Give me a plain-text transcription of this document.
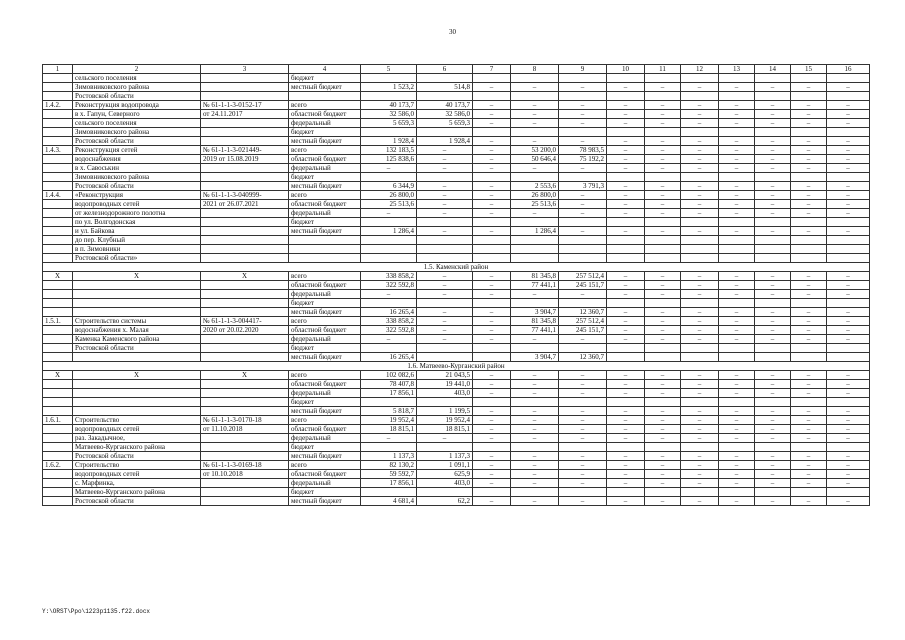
30
1	2	3	4	5	6	7	8	9	10	11	12	13	14	15	16
	сельского поселения		бюджет												
	Зимовниковского района		местный бюджет	1 523,2	514,8	–	–	–	–	–	–	–	–	–	–
	Ростовской области														
1.4.2.	Реконструкция водопровода	№ 61-1-1-3-0152-17	всего	40 173,7	40 173,7	–	–	–	–	–	–	–	–	–	–
	в х. Гапун, Северного	от 24.11.2017	областной бюджет	32 586,0	32 586,0	–	–	–	–	–	–	–	–	–	–
	сельского поселения		федеральный	5 659,3	5 659,3	–	–	–	–	–	–	–	–	–	–
	Зимовниковского района		бюджет												
	Ростовской области		местный бюджет	1 928,4	1 928,4	–	–	–	–	–	–	–	–	–	–
1.4.3.	Реконструкция сетей	№ 61-1-1-3-021449-	всего	132 183,5	–	–	53 200,0	78 983,5	–	–	–	–	–	–	–
	водоснабжения	2019 от 15.08.2019	областной бюджет	125 838,6	–	–	50 646,4	75 192,2	–	–	–	–	–	–	–
	в х. Савоськин		федеральный	–	–	–	–	–	–	–	–	–	–	–	–
	Зимовниковского района		бюджет												
	Ростовской области		местный бюджет	6 344,9	–	–	2 553,6	3 791,3	–	–	–	–	–	–	–
1.4.4.	«Реконструкция	№ 61-1-1-3-040999-	всего	26 800,0	–	–	26 800,0	–	–	–	–	–	–	–	–
	водопроводных сетей	2021 от 26.07.2021	областной бюджет	25 513,6	–	–	25 513,6	–	–	–	–	–	–	–	–
	от железнодорожного полотна		федеральный	–	–	–	–	–	–	–	–	–	–	–	–
	по ул. Волгодонская		бюджет												
	и ул. Байкова		местный бюджет	1 286,4	–	–	1 286,4	–	–	–	–	–	–	–	–
	до пер. Клубный														
	в п. Зимовники														
	Ростовской области»														
1.5. Каменский район															
Х	Х	Х	всего	338 858,2	–	–	81 345,8	257 512,4	–	–	–	–	–	–	–
			областной бюджет	322 592,8	–	–	77 441,1	245 151,7	–	–	–	–	–	–	–
			федеральный	–	–	–	–	–	–	–	–	–	–	–	–
			бюджет												
			местный бюджет	16 265,4	–	–	3 904,7	12 360,7	–	–	–	–	–	–	–
1.5.1.	Строительство системы	№ 61-1-1-3-004417-	всего	338 858,2	–	–	81 345,8	257 512,4	–	–	–	–	–	–	–
	водоснабжения х. Малая	2020 от 20.02.2020	областной бюджет	322 592,8	–	–	77 441,1	245 151,7	–	–	–	–	–	–	–
	Каменка Каменского района		федеральный	–	–	–	–	–	–	–	–	–	–	–	–
	Ростовской области		бюджет												
			местный бюджет	16 265,4			3 904,7	12 360,7							
1.6. Матвеево-Курганский район															
Х	Х	Х	всего	102 082,6	21 043,5	–	–	–	–	–	–	–	–	–	–
			областной бюджет	78 407,8	19 441,0	–	–	–	–	–	–	–	–	–	–
			федеральный	17 856,1	403,0	–	–	–	–	–	–	–	–	–	–
			бюджет												
			местный бюджет	5 818,7	1 199,5	–	–	–	–	–	–	–	–	–	–
1.6.1.	Строительство	№ 61-1-1-3-0170-18	всего	19 952,4	19 952,4	–	–	–	–	–	–	–	–	–	–
	водопроводных сетей	от 11.10.2018	областной бюджет	18 815,1	18 815,1	–	–	–	–	–	–	–	–	–	–
	раз. Закадычное,		федеральный	–	–	–	–	–	–	–	–	–	–	–	–
	Матвеево-Курганского района		бюджет												
	Ростовской области		местный бюджет	1 137,3	1 137,3	–	–	–	–	–	–	–	–	–	–
1.6.2.	Строительство	№ 61-1-1-3-0169-18	всего	82 130,2	1 091,1	–	–	–	–	–	–	–	–	–	–
	водопроводных сетей	от 10.10.2018	областной бюджет	59 592,7	625,9	–	–	–	–	–	–	–	–	–	–
	с. Марфинка,		федеральный	17 856,1	403,0	–	–	–	–	–	–	–	–	–	–
	Матвеево-Курганского района		бюджет												
	Ростовской области		местный бюджет	4 681,4	62,2	–	–	–	–	–	–	–	–	–	–
Y:\ORST\Ppo\1223p1135.f22.docx
